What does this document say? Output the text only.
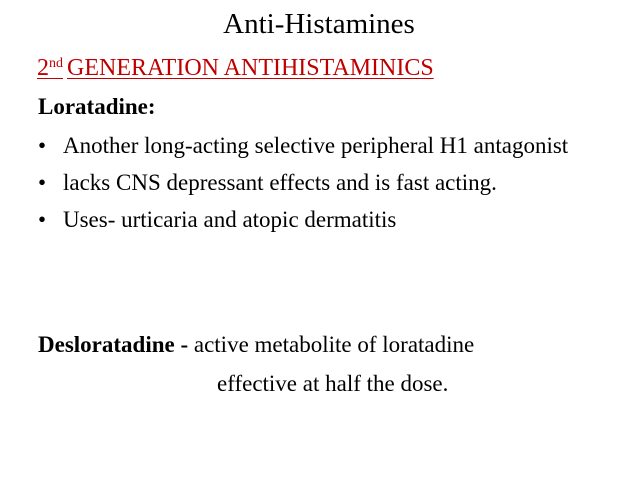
Anti-Histamines
2nd GENERATION ANTIHISTAMINICS
Loratadine:
• Another long-acting selective peripheral H1 antagonist
• lacks CNS depressant effects and is fast acting.
• Uses- urticaria and atopic dermatitis
Desloratadine - active metabolite of loratadine
effective at half the dose.
